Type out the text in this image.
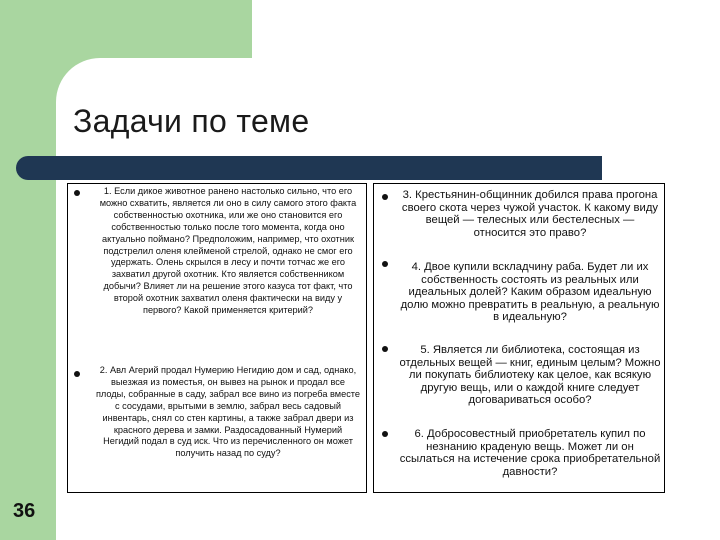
Задачи по теме
36
1. Если дикое животное ранено настолько сильно, что его можно схватить, является ли оно в силу самого этого факта собственностью охотника, или же оно становится его собственностью только после того момента, когда оно актуально поймано? Предположим, например, что охотник подстрелил оленя клейменой стрелой, однако не смог его удержать. Олень скрылся в лесу и почти тотчас же его захватил другой охотник. Кто является собственником добычи? Влияет ли на решение этого казуса тот факт, что второй охотник захватил оленя фактически на виду у первого? Какой применяется критерий?
2. Авл Агерий продал Нумерию Негидию дом и сад, однако, выезжая из поместья, он вывез на рынок и продал все плоды, собранные в саду, забрал все вино из погреба вместе с сосудами, врытыми в землю, забрал весь садовый инвентарь, снял со стен картины, а также забрал двери из красного дерева и замки. Раздосадованный Нумерий Негидий подал в суд иск. Что из перечисленного он может получить назад по суду?
3. Крестьянин-общинник добился права прогона своего скота через чужой участок. К какому виду вещей — телесных или бестелесных — относится это право?
4. Двое купили вскладчину раба. Будет ли их собственность состоять из реальных или идеальных долей? Каким образом идеальную долю можно превратить в реальную, а реальную в идеальную?
5. Является ли библиотека, состоящая из отдельных вещей — книг, единым целым? Можно ли покупать библиотеку как целое, как всякую другую вещь, или о каждой книге следует договариваться особо?
6. Добросовестный приобретатель купил по незнанию краденую вещь. Может ли он ссылаться на истечение срока приобретательной давности?
